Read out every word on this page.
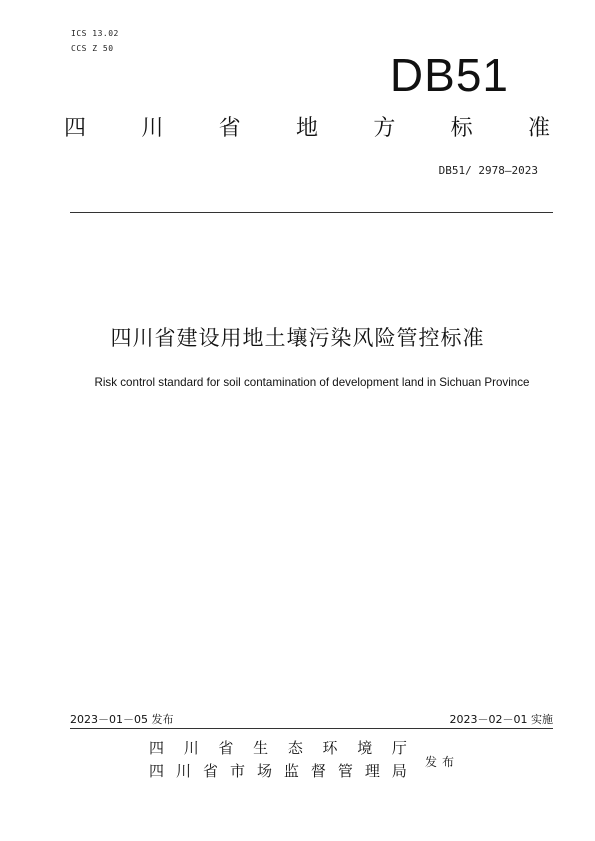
ICS 13.02
CCS Z 50
DB51
四	川	省	地	方	标	准
DB51/ 2978—2023
四川省建设用地土壤污染风险管控标准
Risk control standard for soil contamination of development land in Sichuan Province
2023－01－05 发布	2023－02－01 实施
四 川 省 生 态 环 境 厅
四 川 省 市 场 监 督 管 理 局 发布
